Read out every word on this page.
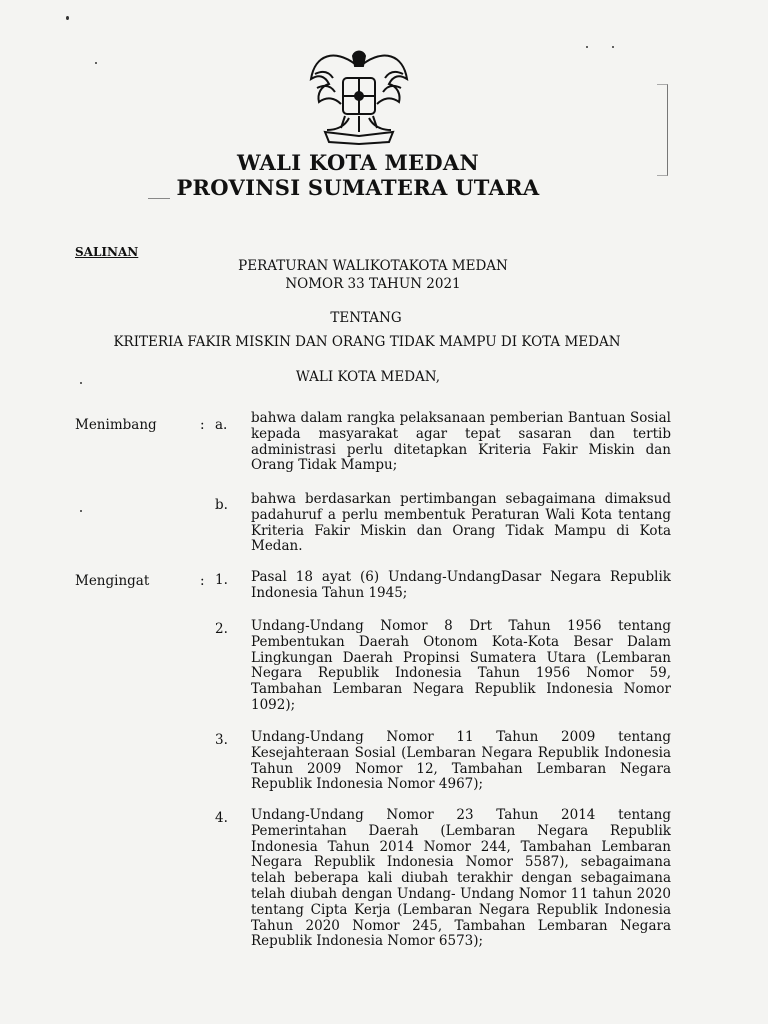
WALI KOTA MEDAN
PROVINSI SUMATERA UTARA
SALINAN
PERATURAN WALIKOTAKOTA MEDAN
NOMOR 33 TAHUN 2021
TENTANG
KRITERIA FAKIR MISKIN DAN ORANG TIDAK MAMPU DI KOTA MEDAN
WALI KOTA MEDAN,
Menimbang	: a.	bahwa dalam rangka pelaksanaan pemberian Bantuan Sosial kepada masyarakat agar tepat sasaran dan tertib administrasi perlu ditetapkan Kriteria Fakir Miskin dan Orang Tidak Mampu;
b.	bahwa berdasarkan pertimbangan sebagaimana dimaksud padahuruf a perlu membentuk Peraturan Wali Kota tentang Kriteria Fakir Miskin dan Orang Tidak Mampu di Kota Medan.
Mengingat	: 1.	Pasal 18 ayat (6) Undang-UndangDasar Negara Republik Indonesia Tahun 1945;
2.	Undang-Undang Nomor 8 Drt Tahun 1956 tentang Pembentukan Daerah Otonom Kota-Kota Besar Dalam Lingkungan Daerah Propinsi Sumatera Utara (Lembaran Negara Republik Indonesia Tahun 1956 Nomor 59, Tambahan Lembaran Negara Republik Indonesia Nomor 1092);
3.	Undang-Undang Nomor 11 Tahun 2009 tentang Kesejahteraan Sosial (Lembaran Negara Republik Indonesia Tahun 2009 Nomor 12, Tambahan Lembaran Negara Republik Indonesia Nomor 4967);
4.	Undang-Undang Nomor 23 Tahun 2014 tentang Pemerintahan Daerah (Lembaran Negara Republik Indonesia Tahun 2014 Nomor 244, Tambahan Lembaran Negara Republik Indonesia Nomor 5587), sebagaimana telah beberapa kali diubah terakhir dengan sebagaimana telah diubah dengan Undang- Undang Nomor 11 tahun 2020 tentang Cipta Kerja (Lembaran Negara Republik Indonesia Tahun 2020 Nomor 245, Tambahan Lembaran Negara Republik Indonesia Nomor 6573);
